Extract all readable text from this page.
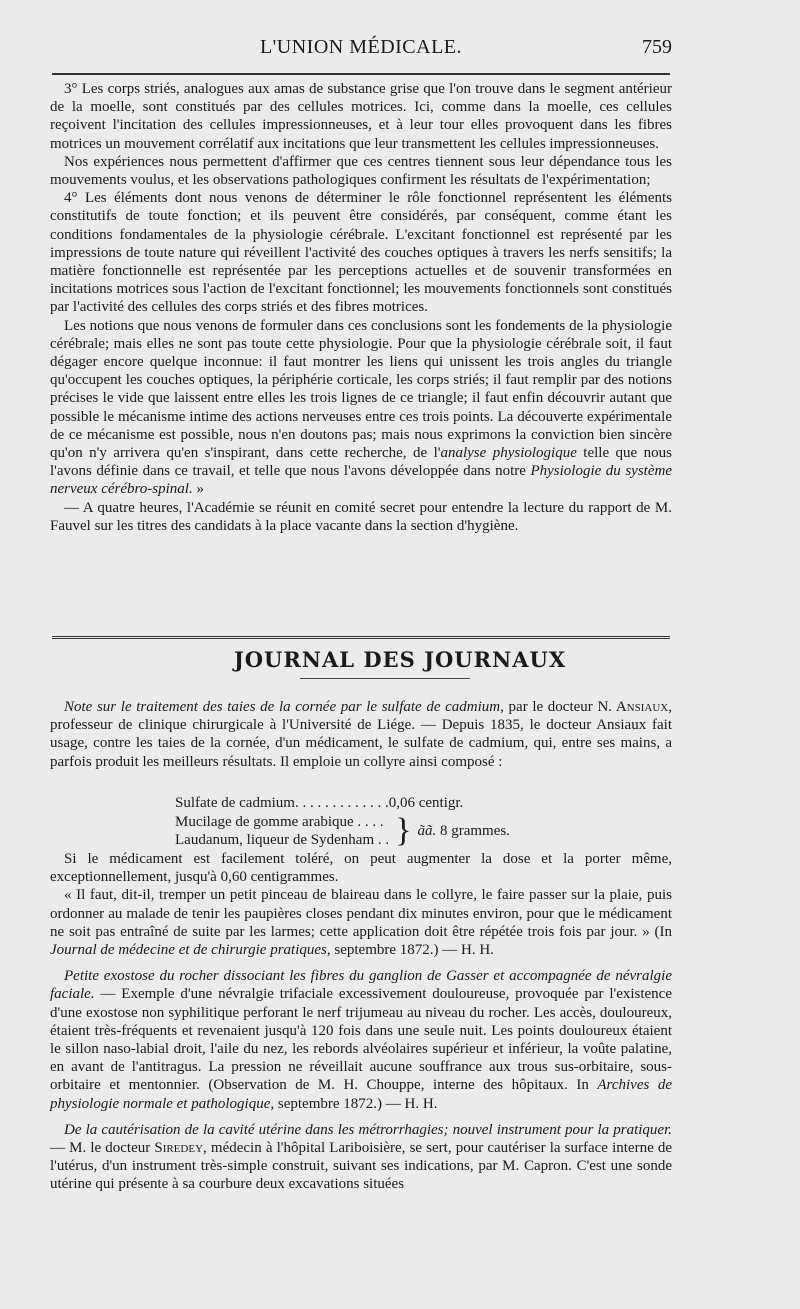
L'UNION MÉDICALE.	759

3° Les corps striés, analogues aux amas de substance grise que l'on trouve dans le segment antérieur de la moelle, sont constitués par des cellules motrices. Ici, comme dans la moelle, ces cellules reçoivent l'incitation des cellules impressionneuses, et à leur tour elles provoquent dans les fibres motrices un mouvement corrélatif aux incitations que leur transmettent les cellules impressionneuses.

Nos expériences nous permettent d'affirmer que ces centres tiennent sous leur dépendance tous les mouvements voulus, et les observations pathologiques confirment les résultats de l'expérimentation;

4° Les éléments dont nous venons de déterminer le rôle fonctionnel représentent les éléments constitutifs de toute fonction; et ils peuvent être considérés, par conséquent, comme étant les conditions fondamentales de la physiologie cérébrale. L'excitant fonctionnel est représenté par les impressions de toute nature qui réveillent l'activité des couches optiques à travers les nerfs sensitifs; la matière fonctionnelle est représentée par les perceptions actuelles et de souvenir transformées en incitations motrices sous l'action de l'excitant fonctionnel; les mouvements fonctionnels sont constitués par l'activité des cellules des corps striés et des fibres motrices.

Les notions que nous venons de formuler dans ces conclusions sont les fondements de la physiologie cérébrale; mais elles ne sont pas toute cette physiologie. Pour que la physiologie cérébrale soit, il faut dégager encore quelque inconnue: il faut montrer les liens qui unissent les trois angles du triangle qu'occupent les couches optiques, la périphérie corticale, les corps striés; il faut remplir par des notions précises le vide que laissent entre elles les trois lignes de ce triangle; il faut enfin découvrir autant que possible le mécanisme intime des actions nerveuses entre ces trois points. La découverte expérimentale de ce mécanisme est possible, nous n'en doutons pas; mais nous exprimons la conviction bien sincère qu'on n'y arrivera qu'en s'inspirant, dans cette recherche, de l'analyse physiologique telle que nous l'avons définie dans ce travail, et telle que nous l'avons développée dans notre Physiologie du système nerveux cérébro-spinal. »

— A quatre heures, l'Académie se réunit en comité secret pour entendre la lecture du rapport de M. Fauvel sur les titres des candidats à la place vacante dans la section d'hygiène.

JOURNAL DES JOURNAUX

Note sur le traitement des taies de la cornée par le sulfate de cadmium, par le docteur N. Ansiaux, professeur de clinique chirurgicale à l'Université de Liége. — Depuis 1835, le docteur Ansiaux fait usage, contre les taies de la cornée, d'un médicament, le sulfate de cadmium, qui, entre ses mains, a parfois produit les meilleurs résultats. Il emploie un collyre ainsi composé :

Sulfate de cadmium. . . . . . . . . . . . . 0,06 centigr.
Mucilage de gomme arabique . . . .
Laudanum, liqueur de Sydenham . . } ãã. 8 grammes.

Si le médicament est facilement toléré, on peut augmenter la dose et la porter même, exceptionnellement, jusqu'à 0,60 centigrammes.

« Il faut, dit-il, tremper un petit pinceau de blaireau dans le collyre, le faire passer sur la plaie, puis ordonner au malade de tenir les paupières closes pendant dix minutes environ, pour que le médicament ne soit pas entraîné de suite par les larmes; cette application doit être répétée trois fois par jour. » (In Journal de médecine et de chirurgie pratiques, septembre 1872.) — H. H.

Petite exostose du rocher dissociant les fibres du ganglion de Gasser et accompagnée de névralgie faciale. — Exemple d'une névralgie trifaciale excessivement douloureuse, provoquée par l'existence d'une exostose non syphilitique perforant le nerf trijumeau au niveau du rocher. Les accès, douloureux, étaient très-fréquents et revenaient jusqu'à 120 fois dans une seule nuit. Les points douloureux étaient le sillon naso-labial droit, l'aile du nez, les rebords alvéolaires supérieur et inférieur, la voûte palatine, en avant de l'antitragus. La pression ne réveillait aucune souffrance aux trous sus-orbitaire, sous-orbitaire et mentonnier. (Observation de M. H. Chouppe, interne des hôpitaux. In Archives de physiologie normale et pathologique, septembre 1872.) — H. H.

De la cautérisation de la cavité utérine dans les métrorrhagies; nouvel instrument pour la pratiquer. — M. le docteur Siredey, médecin à l'hôpital Lariboisière, se sert, pour cautériser la surface interne de l'utérus, d'un instrument très-simple construit, suivant ses indications, par M. Capron. C'est une sonde utérine qui présente à sa courbure deux excavations situées
